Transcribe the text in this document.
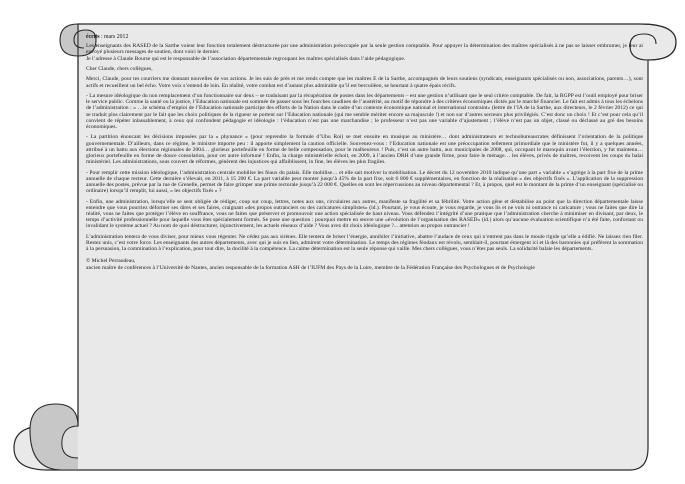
écrits : mars 2012

Les enseignants des RASED de la Sarthe voient leur fonction totalement déstructurée par une administration préoccupée par la seule gestion comptable. Pour appuyer la détermination des maîtres spécialisés à ne pas se laisser embrumer, je leur ai envoyé plusieurs messages de soutien, dont voici le dernier.
Je l’adresse à Claude Bourse qui est le responsable de l’association départementale regroupant les maîtres spécialisés dans l’aide pédagogique.

Cher Claude, chers collègues,

Merci, Claude, pour tes courriers me donnant nouvelles de vos actions. Je les suis de près et me rends compte que les maîtres E de la Sarthe, accompagnés de leurs soutiens (syndicats, enseignants spécialisés ou non, associations, parents…), sont actifs et recueillent un bel écho. Votre voix s’entend de loin. En réalité, votre combat est d’autant plus admirable qu’il est bercuilèen, se heurtant à quatre épais récifs.

- La mesure idéologique du non remplacement d’un fonctionnaire sur deux – se traduisant par la récupération de postes dans les départements – est une gestion n’utilisant que le seul critère comptable. De fait, la RGPP est l’outil employé pour briser le service public. Comme la santé ou la justice, l’Education nationale est sommée de passer sous les fourches caudines de l’austérité, au motif de répondre à des critères économiques dictés par le marché financier. Le fait est admis à tous les échelons de l’administration : « …le schéma d’emploi de l’Education nationale participe des efforts de la Nation dans le cadre d’un contexte économique national et international contraint» (lettre de l’IA de la Sarthe, aux directeurs, le 2 février 2012) ce qui se traduit plus clairement par le fait que les choix politiques de la rigueur se portent sur l’Education nationale (qui me semble mériter encore sa majuscule !) et non sur d’autres secteurs plus privilégiés. C’est donc un choix ! Et c’est pour cela qu’il convient de répéter inlassablement, à ceux qui confondent pédagogie et idéologie : l’éducation n’est pas une marchandise ; le professeur n’est pas une variable d’ajustement ; l’élève n’est pas un objet, classé ou déclassé au gré des besoins économiques.

- La partition énoncant les décisions imposées par la « phynance » (pour reprendre la formule d’Ubu Roi) se met ensuite en musique au ministère… dont administrateurs et technobureaucrates définissent l’orientation de la politique gouvernementale. D’ailleurs, dans ce régime, le ministre importe peu : il apporte simplement la caution officielle. Souvenez-vous : l’Education nationale est une préoccupation tellement primordiale que le ministère fut, il y a quelques années, attribué à un battu aux élections régionales de 2004… glorieux portefeuille en forme de belle compensation, pour le malheureux ! Puis, c’est un autre battu, aux municipales de 2008, qui, occupant le maroquin avant l’élection, y fut maintenu… glorieux portefeuille en forme de douce consolation, pour cet autre infortuné ! Enfin, la charge ministérielle échoit, en 2009, à l’ancien DRH d’une grande firme, pour faire le ménage… les élèves, privés de maîtres, recoivent les coups du balai ministériel. Les administrations, sous couvert de réformes, génèrent des injustices qui affaiblissent, in fine, les élèves les plus fragiles.

- Pour remplir cette mission idéologique, l’administration centrale mobilise les féaux du palais. Elle mobilise… et elle sait motiver la mobilisation. Le décret du 12 novembre 2010 indique qu’une part « variable » s’agrège à la part fixe de la prime annuelle de chaque recteur. Cette dernière s’élevait, en 2011, à 15 200 €. La part variable peut monter jusqu’à 45% de la part fixe, soit 6 800 € supplémentaires, en fonction de la réalisation « des objectifs fixés ». L’application de la suppression annuelle des postes, prévue par la rue de Grenelle, permet de faire grimper une prime rectorale jusqu’à 22 000 €. Quelles en sont les répercussions au niveau départemental ? Et, à propos, quel est le montant de la prime d’un enseignant (spécialisé ou ordinaire) lorsqu’il remplit, lui aussi, « les objectifs fixés » ?

- Enfin, une administration, lorsqu’elle se sent obligée de rédiger, coup sur coup, lettres, notes aux uns, circulaires aux autres, manifeste sa fragilité et sa fébrilité. Votre action gêne et déstabilise au point que la direction départementale laisse entendre que vous pourriez déformer ses dires et ses faires, craignant «des propos outranciers ou des caricatures simplistes» (id.). Pourtant, je vous écoute, je vous regarde, je vous lis et ne vois ni outrance ni caricature ; vous ne faites que dire la réalité, vous ne faites que protéger l’élève en souffrance, vous ne faites que préserver et promouvoir une action spécialisée de haut niveau. Vous défendez l’intégrité d’une pratique que l’administration cherche à minimiser en divisant, par deux, le temps d’activité professionnelle pour laquelle vous êtes spécialement formés. Se pose une question : pourquoi mettre en œuvre une «évolution de l’organisation des RASED» (id.) alors qu’aucune évaluation scientifique n’a été faite, confortant ou invalidant le système actuel ? Au nom de quoi déstructurer, injonctivement, les actuels réseaux d’aide ? Vous avez dit choix idéologique ?... attention au propos outrancier !

L’administration tentera de vous diviser, pour mieux vous régenter. Ne cédez pas aux sirènes. Elle tentera de briser l’énergie, annihiler l’initiative, abattre l’audace de ceux qui n’entrent pas dans le moule rigide qu’elle a édifié. Ne laissez rien filer. Restez unis, c’est votre force. Les enseignants des autres départements, avec qui je suis en lien, admirent votre détermination. Le temps des régimes féodaux est révolu, semblait-il, pourtant émergent ici et là des baronnies qui préfèrent la sommation à la persuasion, la commination à l’explication, pour tout dire, la docilité à la compétence. La calme détermination est la seule réponse qui vaille. Mes chers collègues, vous n’êtes pas seuls. La solidarité balaie les départements.

© Michel Perraudeau,
ancien maître de conférences à l’Université de Nantes, ancien responsable de la formation ASH de l’IUFM des Pays de la Loire, membre de la Fédération Française des Psychologues et de Psychologie
